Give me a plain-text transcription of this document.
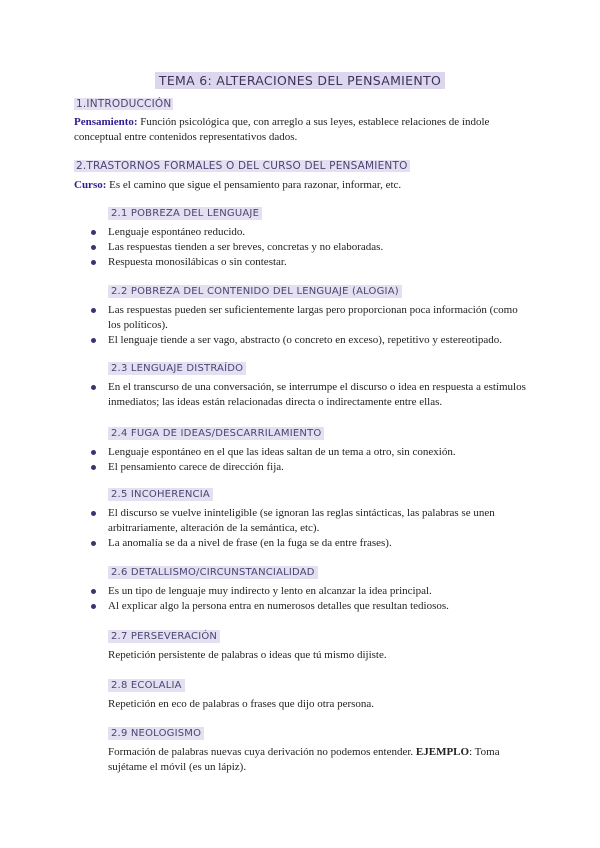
TEMA 6: ALTERACIONES DEL PENSAMIENTO
1.INTRODUCCIÓN
Pensamiento: Función psicológica que, con arreglo a sus leyes, establece relaciones de índole conceptual entre contenidos representativos dados.
2.TRASTORNOS FORMALES O DEL CURSO DEL PENSAMIENTO
Curso: Es el camino que sigue el pensamiento para razonar, informar, etc.
2.1 POBREZA DEL LENGUAJE
Lenguaje espontáneo reducido.
Las respuestas tienden a ser breves, concretas y no elaboradas.
Respuesta monosilábicas o sin contestar.
2.2 POBREZA DEL CONTENIDO DEL LENGUAJE (ALOGIA)
Las respuestas pueden ser suficientemente largas pero proporcionan poca información (como los políticos).
El lenguaje tiende a ser vago, abstracto (o concreto en exceso), repetitivo y estereotipado.
2.3 LENGUAJE DISTRAÍDO
En el transcurso de una conversación, se interrumpe el discurso o idea en respuesta a estímulos inmediatos; las ideas están relacionadas directa o indirectamente entre ellas.
2.4 FUGA DE IDEAS/DESCARRILAMIENTO
Lenguaje espontáneo en el que las ideas saltan de un tema a otro, sin conexión.
El pensamiento carece de dirección fija.
2.5 INCOHERENCIA
El discurso se vuelve ininteligible (se ignoran las reglas sintácticas, las palabras se unen arbitrariamente, alteración de la semántica, etc).
La anomalía se da a nivel de frase (en la fuga se da entre frases).
2.6 DETALLISMO/CIRCUNSTANCIALIDAD
Es un tipo de lenguaje muy indirecto y lento en alcanzar la idea principal.
Al explicar algo la persona entra en numerosos detalles que resultan tediosos.
2.7 PERSEVERACIÓN
Repetición persistente de palabras o ideas que tú mismo dijiste.
2.8 ECOLALIA
Repetición en eco de palabras o frases que dijo otra persona.
2.9 NEOLOGISMO
Formación de palabras nuevas cuya derivación no podemos entender. EJEMPLO: Toma sujétame el móvil (es un lápiz).
